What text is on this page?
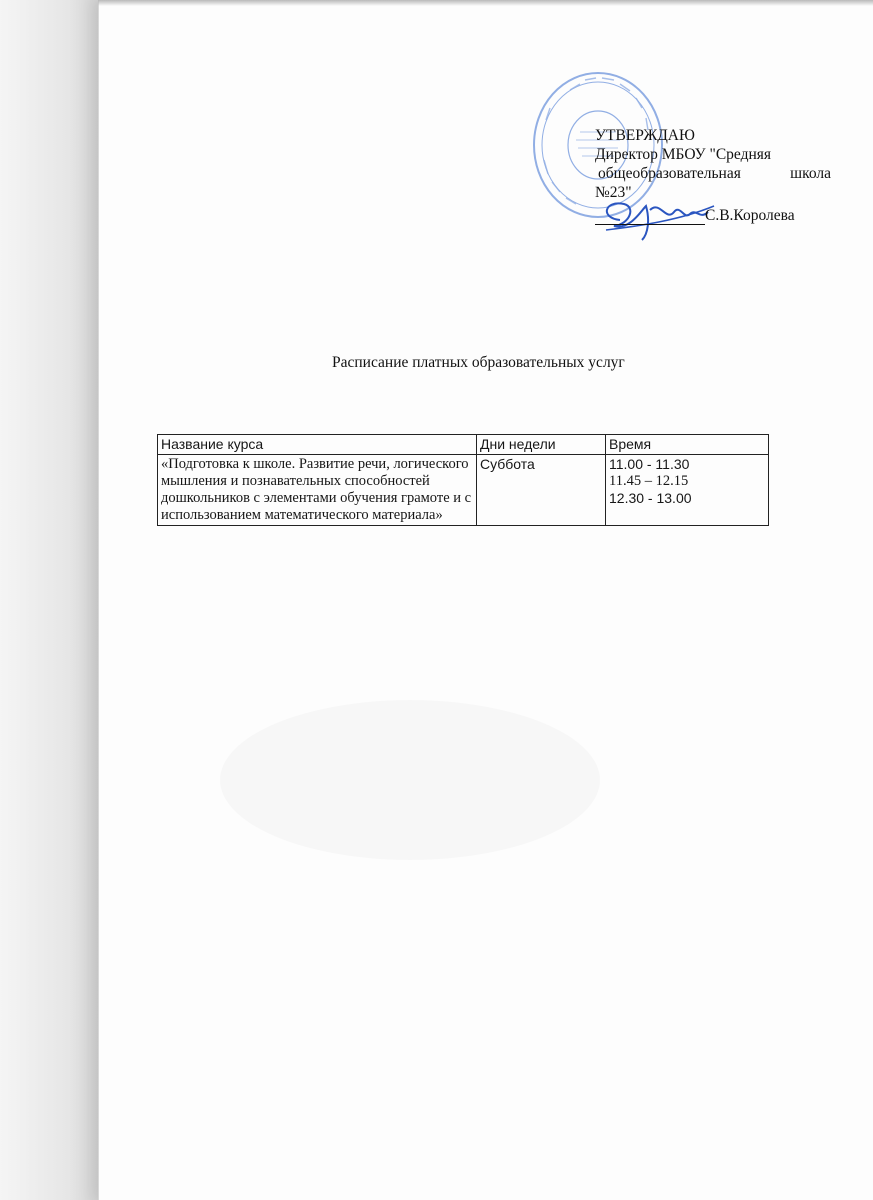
УТВЕРЖДАЮ
Директор МБОУ "Средняя
общеобразовательная	школа
№23"
С.В.Королева
Расписание платных образовательных услуг
Название курса	Дни недели	Время
«Подготовка к школе. Развитие речи, логического мышления и познавательных способностей дошкольников с элементами обучения грамоте и с использованием математического материала»	Суббота	11.00 - 11.30
11.45 – 12.15
12.30 - 13.00
